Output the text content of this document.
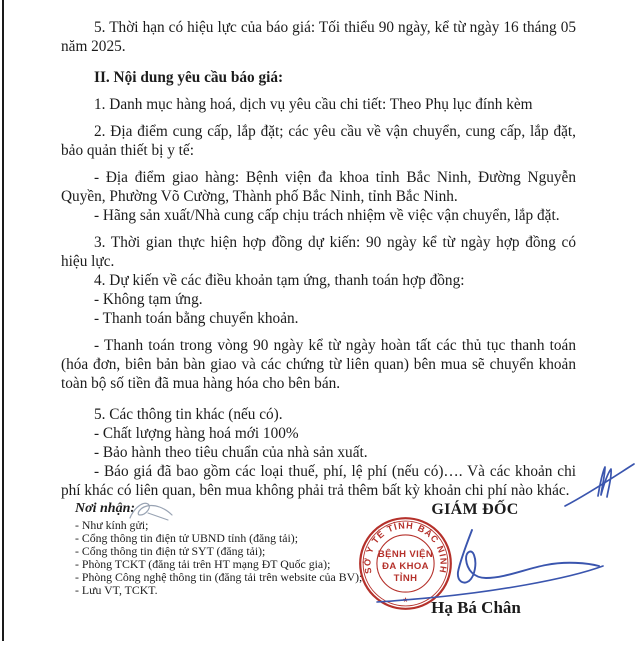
5. Thời hạn có hiệu lực của báo giá: Tối thiểu 90 ngày, kể từ ngày 16 tháng 05 năm 2025.

II. Nội dung yêu cầu báo giá:

1. Danh mục hàng hoá, dịch vụ yêu cầu chi tiết: Theo Phụ lục đính kèm

2. Địa điểm cung cấp, lắp đặt; các yêu cầu về vận chuyển, cung cấp, lắp đặt, bảo quản thiết bị y tế:

- Địa điểm giao hàng: Bệnh viện đa khoa tỉnh Bắc Ninh, Đường Nguyễn Quyền, Phường Võ Cường, Thành phố Bắc Ninh, tỉnh Bắc Ninh.

- Hãng sản xuất/Nhà cung cấp chịu trách nhiệm về việc vận chuyển, lắp đặt.

3. Thời gian thực hiện hợp đồng dự kiến: 90 ngày kể từ ngày hợp đồng có hiệu lực.

4. Dự kiến về các điều khoản tạm ứng, thanh toán hợp đồng:

- Không tạm ứng.

- Thanh toán bằng chuyển khoản.

- Thanh toán trong vòng 90 ngày kể từ ngày hoàn tất các thủ tục thanh toán (hóa đơn, biên bản bàn giao và các chứng từ liên quan) bên mua sẽ chuyển khoản toàn bộ số tiền đã mua hàng hóa cho bên bán.

5. Các thông tin khác (nếu có).

- Chất lượng hàng hoá mới 100%

- Bảo hành theo tiêu chuẩn của nhà sản xuất.

- Báo giá đã bao gồm các loại thuế, phí, lệ phí (nếu có)…. Và các khoản chi phí khác có liên quan, bên mua không phải trả thêm bất kỳ khoản chi phí nào khác.

Nơi nhận:
- Như kính gửi;
- Cổng thông tin điện tử UBND tỉnh (đăng tải);
- Cổng thông tin điện tử SYT (đăng tải);
- Phòng TCKT (đăng tải trên HT mạng ĐT Quốc gia);
- Phòng Công nghệ thông tin (đăng tải trên website của BV);
- Lưu VT, TCKT.
GIÁM ĐỐC
SỞ Y TẾ TỈNH BẮC NINH
BỆNH VIỆN
ĐA KHOA
TỈNH
★	Hạ Bá Chân
